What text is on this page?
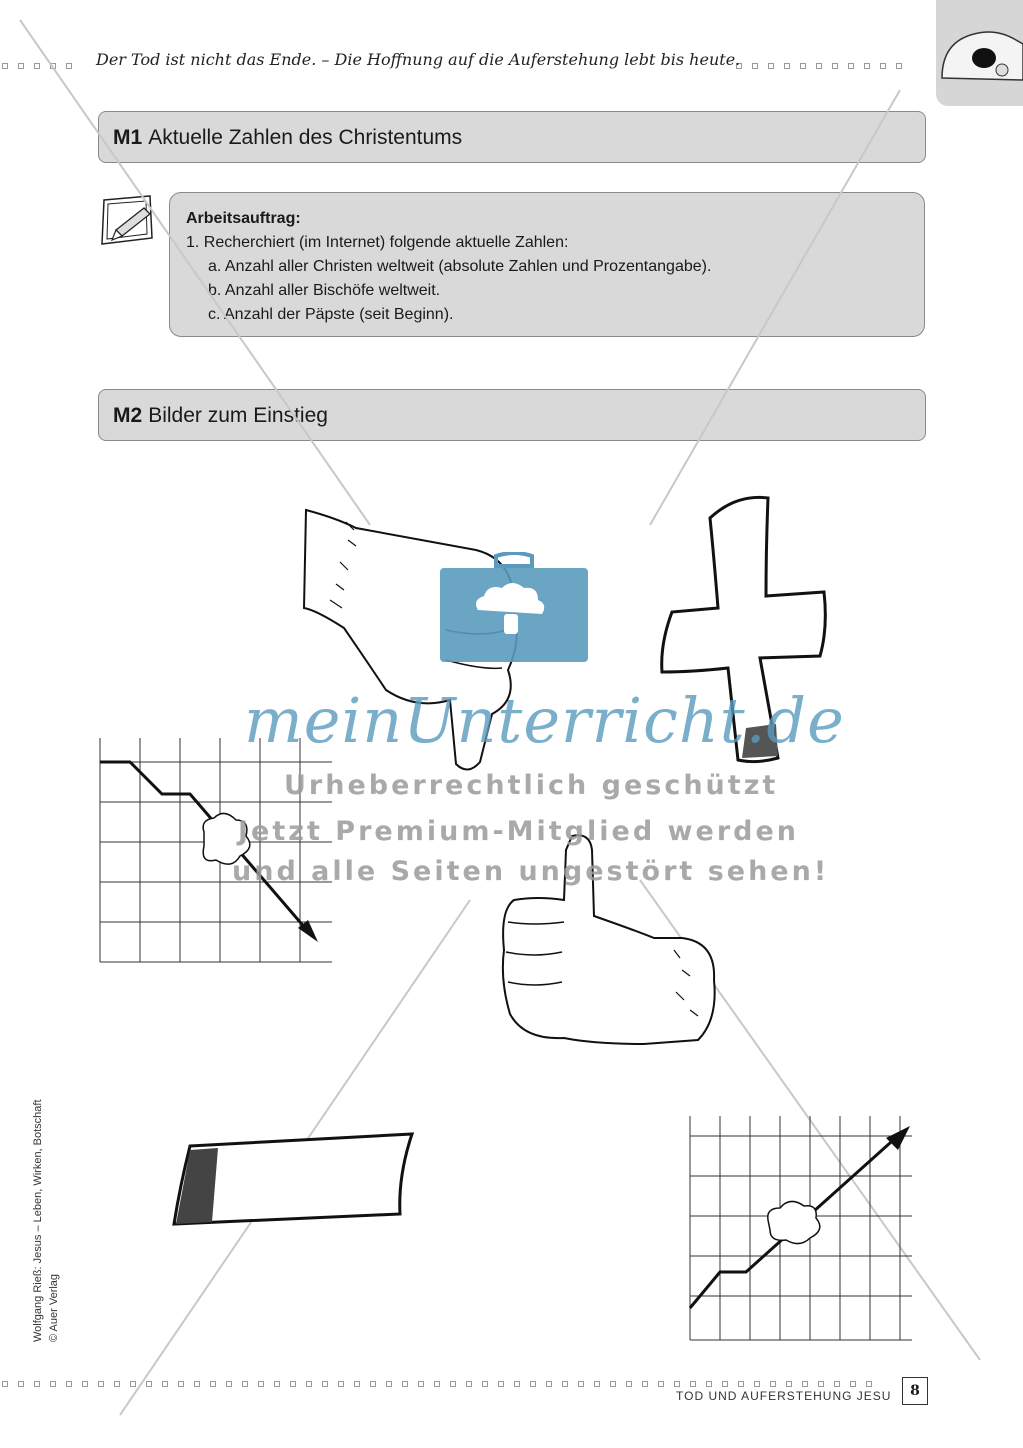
Der Tod ist nicht das Ende. – Die Hoffnung auf die Auferstehung lebt bis heute.
M1 Aktuelle Zahlen des Christentums
Arbeitsauftrag:
1. Recherchiert (im Internet) folgende aktuelle Zahlen:
a. Anzahl aller Christen weltweit (absolute Zahlen und Prozentangabe).
b. Anzahl aller Bischöfe weltweit.
c. Anzahl der Päpste (seit Beginn).
M2 Bilder zum Einstieg
meinUnterricht.de
Urheberrechtlich geschützt
Jetzt Premium-Mitglied werden
und alle Seiten ungestört sehen!
Wolfgang Rieß: Jesus – Leben, Wirken, Botschaft © Auer Verlag
TOD UND AUFERSTEHUNG JESU	8
